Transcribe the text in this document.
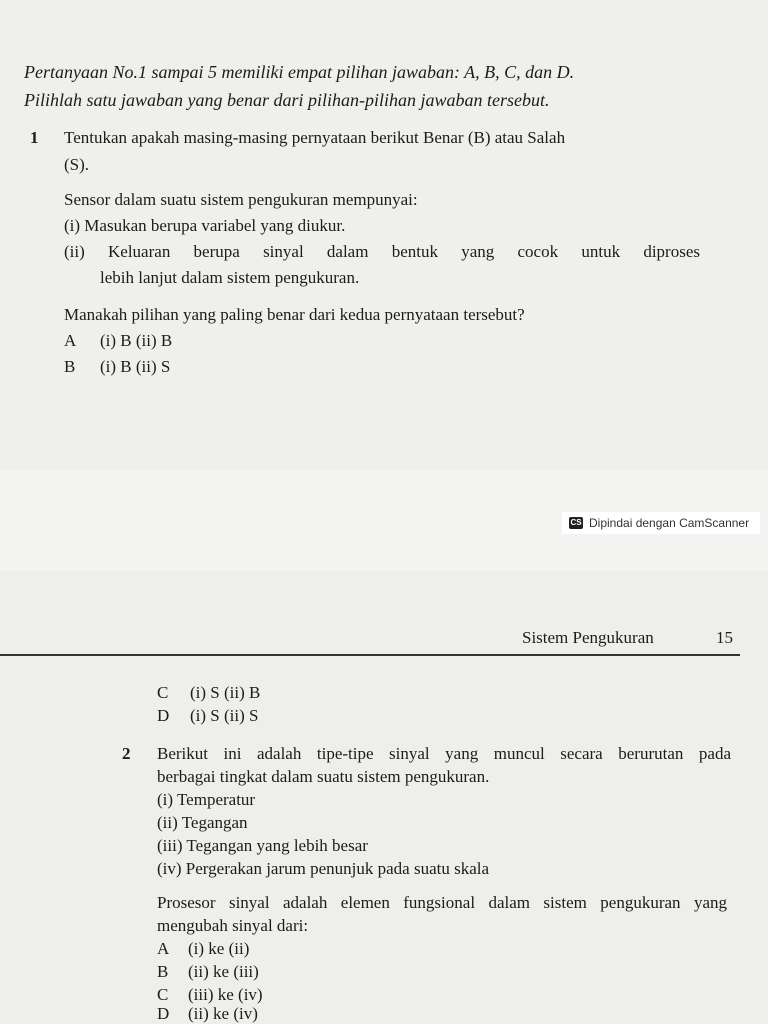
Pertanyaan No.1 sampai 5 memiliki empat pilihan jawaban: A, B, C, dan D.
Pilihlah satu jawaban yang benar dari pilihan-pilihan jawaban tersebut.
1 Tentukan apakah masing-masing pernyataan berikut Benar (B) atau Salah
(S).
Sensor dalam suatu sistem pengukuran mempunyai:
(i) Masukan berupa variabel yang diukur.
(ii) Keluaran berupa sinyal dalam bentuk yang cocok untuk diproses
lebih lanjut dalam sistem pengukuran.
Manakah pilihan yang paling benar dari kedua pernyataan tersebut?
A (i) B (ii) B
B (i) B (ii) S
CS Dipindai dengan CamScanner
Sistem Pengukuran	15
C (i) S (ii) B
D (i) S (ii) S
2 Berikut ini adalah tipe-tipe sinyal yang muncul secara berurutan pada
berbagai tingkat dalam suatu sistem pengukuran.
(i) Temperatur
(ii) Tegangan
(iii) Tegangan yang lebih besar
(iv) Pergerakan jarum penunjuk pada suatu skala
Prosesor sinyal adalah elemen fungsional dalam sistem pengukuran yang
mengubah sinyal dari:
A (i) ke (ii)
B (ii) ke (iii)
C (iii) ke (iv)
D (ii) ke (iv)
